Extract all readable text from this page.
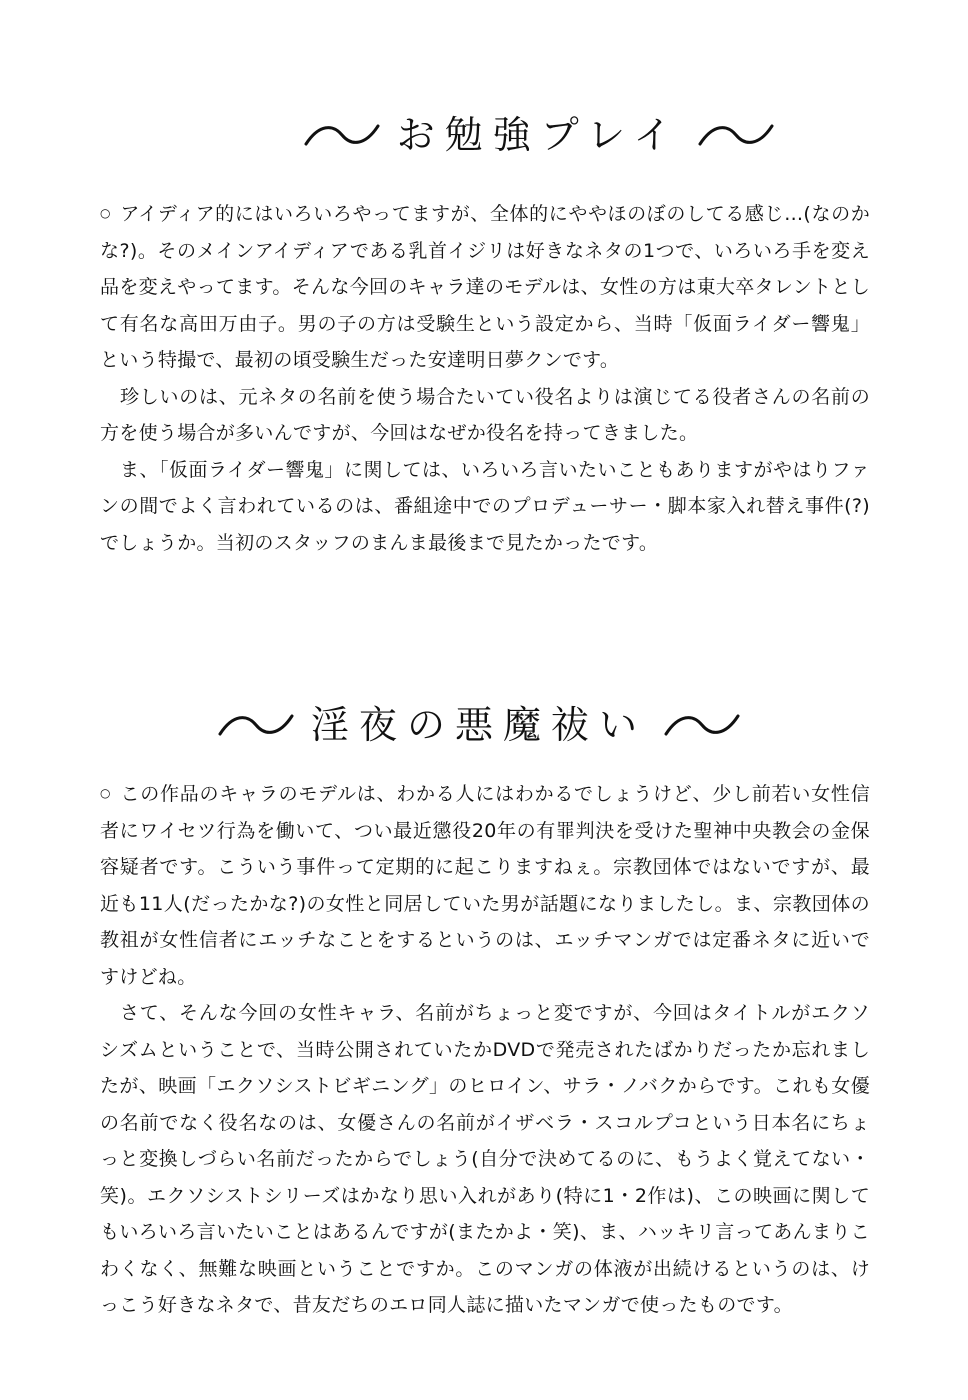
お勉強プレイ

○ アイディア的にはいろいろやってますが、全体的にややほのぼのしてる感じ…(なのかな?)。そのメインアイディアである乳首イジリは好きなネタの1つで、いろいろ手を変え品を変えやってます。そんな今回のキャラ達のモデルは、女性の方は東大卒タレントとして有名な高田万由子。男の子の方は受験生という設定から、当時「仮面ライダー響鬼」という特撮で、最初の頃受験生だった安達明日夢クンです。

珍しいのは、元ネタの名前を使う場合たいてい役名よりは演じてる役者さんの名前の方を使う場合が多いんですが、今回はなぜか役名を持ってきました。

ま、「仮面ライダー響鬼」に関しては、いろいろ言いたいこともありますがやはりファンの間でよく言われているのは、番組途中でのプロデューサー・脚本家入れ替え事件(?)でしょうか。当初のスタッフのまんま最後まで見たかったです。

淫夜の悪魔祓い

○ この作品のキャラのモデルは、わかる人にはわかるでしょうけど、少し前若い女性信者にワイセツ行為を働いて、つい最近懲役20年の有罪判決を受けた聖神中央教会の金保容疑者です。こういう事件って定期的に起こりますねぇ。宗教団体ではないですが、最近も11人(だったかな?)の女性と同居していた男が話題になりましたし。ま、宗教団体の教祖が女性信者にエッチなことをするというのは、エッチマンガでは定番ネタに近いですけどね。

さて、そんな今回の女性キャラ、名前がちょっと変ですが、今回はタイトルがエクソシズムということで、当時公開されていたかDVDで発売されたばかりだったか忘れましたが、映画「エクソシストビギニング」のヒロイン、サラ・ノバクからです。これも女優の名前でなく役名なのは、女優さんの名前がイザベラ・スコルプコという日本名にちょっと変換しづらい名前だったからでしょう(自分で決めてるのに、もうよく覚えてない・笑)。エクソシストシリーズはかなり思い入れがあり(特に1・2作は)、この映画に関してもいろいろ言いたいことはあるんですが(またかよ・笑)、ま、ハッキリ言ってあんまりこわくなく、無難な映画ということですか。このマンガの体液が出続けるというのは、けっこう好きなネタで、昔友だちのエロ同人誌に描いたマンガで使ったものです。
